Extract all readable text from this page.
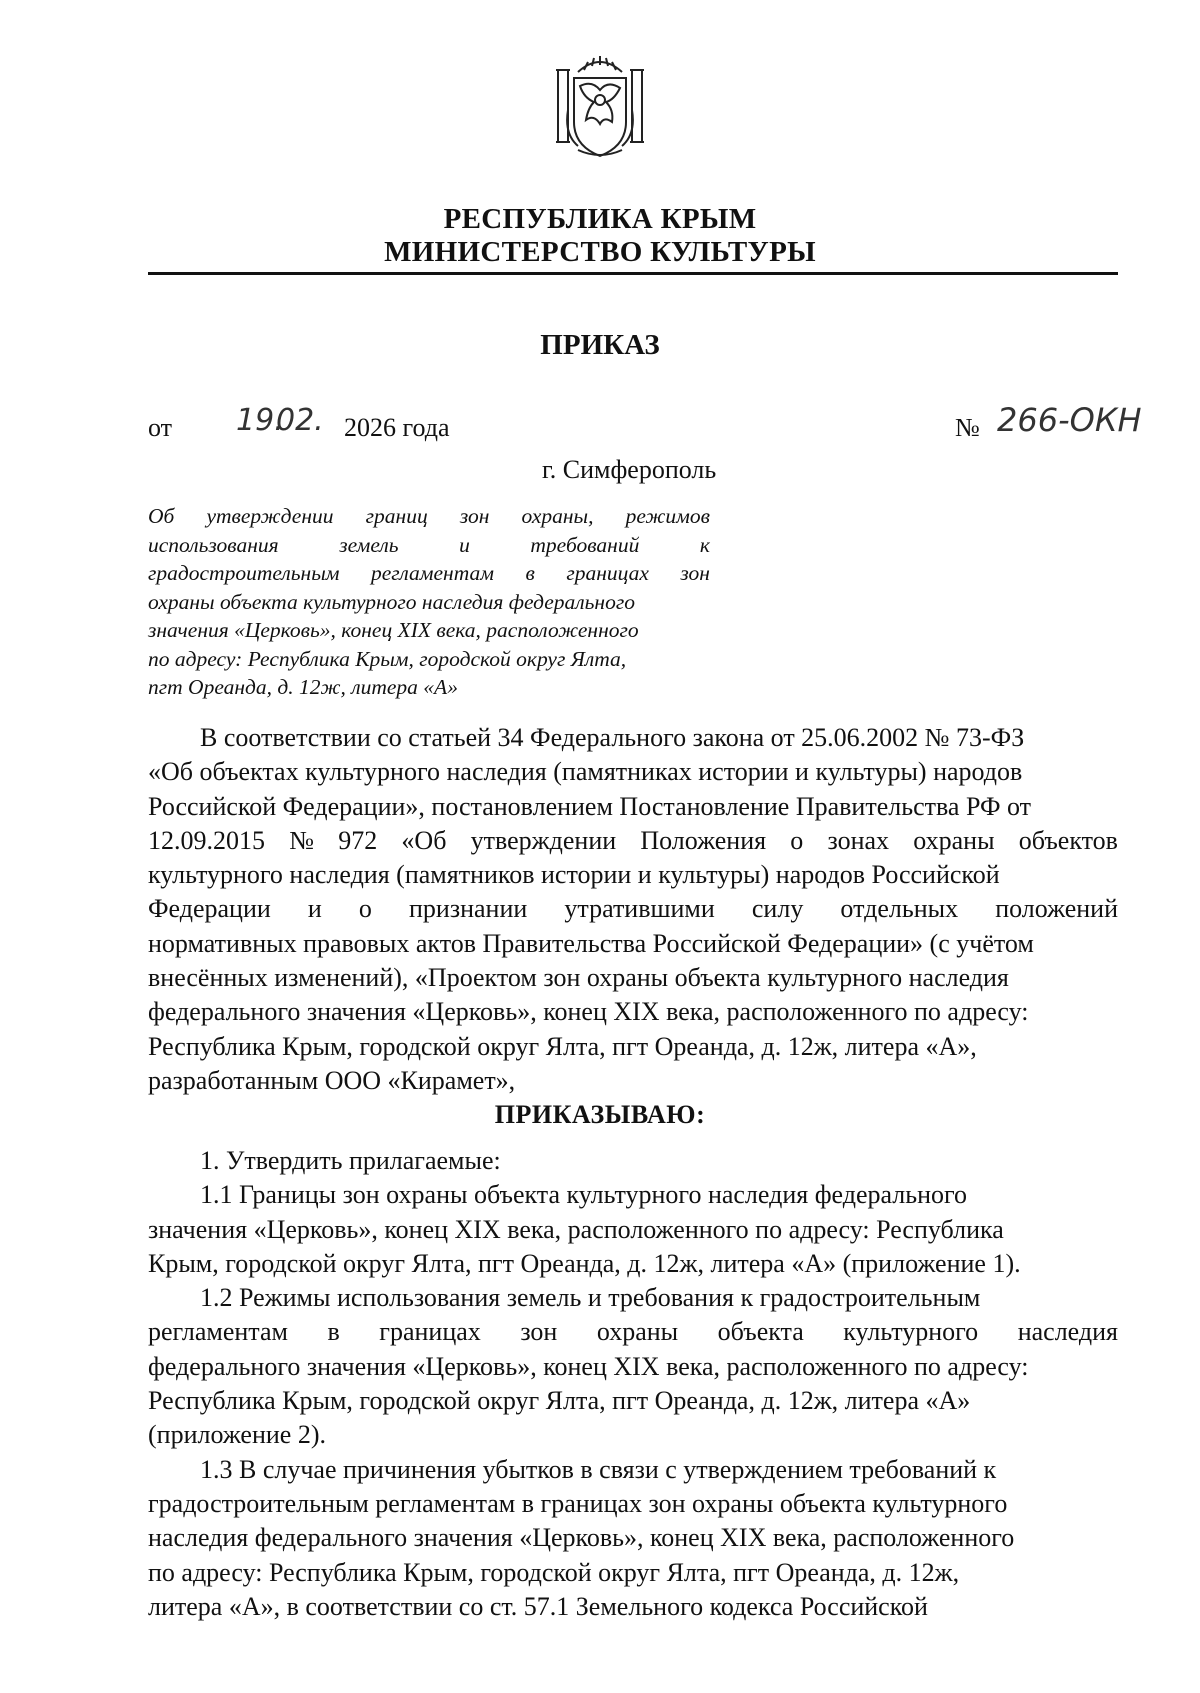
РЕСПУБЛИКА КРЫМ
МИНИСТЕРСТВО КУЛЬТУРЫ
ПРИКАЗ
от 19.
02. 2026 года	№ 266-ОКН
г. Симферополь
Об утверждении границ зон охраны, режимов
использования	земель	и	требований	к
градостроительным регламентам в границах зон
охраны объекта культурного наследия федерального
значения «Церковь», конец XIX века, расположенного
по адресу: Республика Крым, городской округ Ялта,
пгт Ореанда, д. 12ж, литера «А»
В соответствии со статьей 34 Федерального закона от 25.06.2002 № 73-ФЗ
«Об объектах культурного наследия (памятниках истории и культуры) народов
Российской Федерации», постановлением Постановление Правительства РФ от
12.09.2015 № 972 «Об утверждении Положения о зонах охраны объектов
культурного наследия (памятников истории и культуры) народов Российской
Федерации и о признании утратившими силу отдельных положений
нормативных правовых актов Правительства Российской Федерации» (с учётом
внесённых изменений), «Проектом зон охраны объекта культурного наследия
федерального значения «Церковь», конец XIX века, расположенного по адресу:
Республика Крым, городской округ Ялта, пгт Ореанда, д. 12ж, литера «А»,
разработанным ООО «Кирамет»,
ПРИКАЗЫВАЮ:
1. Утвердить прилагаемые:
1.1 Границы зон охраны объекта культурного наследия федерального
значения «Церковь», конец XIX века, расположенного по адресу: Республика
Крым, городской округ Ялта, пгт Ореанда, д. 12ж, литера «А» (приложение 1).
1.2 Режимы использования земель и требования к градостроительным
регламентам в границах зон охраны объекта культурного наследия
федерального значения «Церковь», конец XIX века, расположенного по адресу:
Республика Крым, городской округ Ялта, пгт Ореанда, д. 12ж, литера «А»
(приложение 2).
1.3 В случае причинения убытков в связи с утверждением требований к
градостроительным регламентам в границах зон охраны объекта культурного
наследия федерального значения «Церковь», конец XIX века, расположенного
по адресу: Республика Крым, городской округ Ялта, пгт Ореанда, д. 12ж,
литера «А», в соответствии со ст. 57.1 Земельного кодекса Российской
